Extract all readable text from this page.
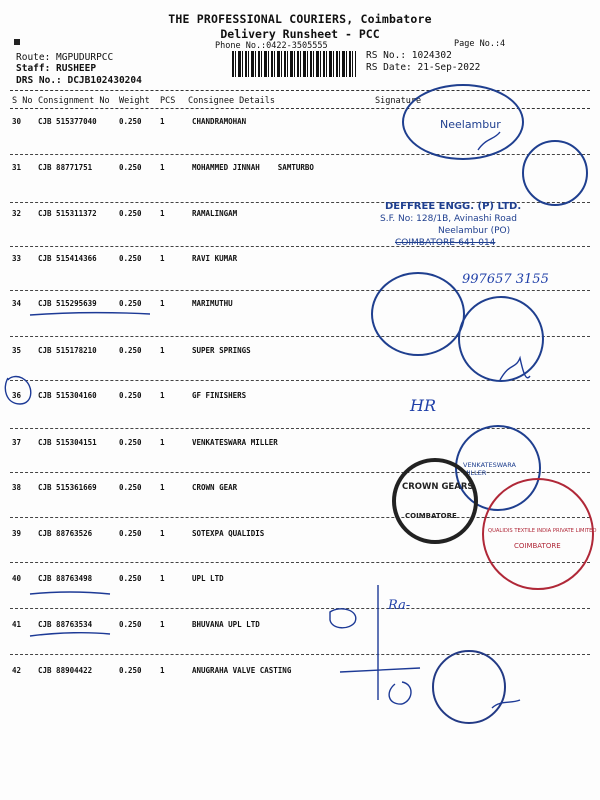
THE PROFESSIONAL COURIERS, Coimbatore
Delivery Runsheet - PCC
Phone No.:0422-3505555	Page No.:4
Route: MGPUDURPCC
Staff: RUSHEEP
DRS No.: DCJB102430204
RS No.: 1024302
RS Date: 21-Sep-2022
S No Consignment No Weight PCS Consignee Details	Signature
30 CJB 515377040	0.250 1	CHANDRAMOHAN
31 CJB 88771751	0.250 1	MOHAMMED JINNAH    SAMTURBO
32 CJB 515311372	0.250 1	RAMALINGAM
33 CJB 515414366	0.250 1	RAVI KUMAR
34 CJB 515295639	0.250 1	MARIMUTHU
35 CJB 515178210	0.250 1	SUPER SPRINGS
36 CJB 515304160	0.250 1	GF FINISHERS
37 CJB 515304151	0.250 1	VENKATESWARA MILLER
38 CJB 515361669	0.250 1	CROWN GEAR
39 CJB 88763526	0.250 1	SOTEXPA QUALIDIS
40 CJB 88763498	0.250 1	UPL LTD
41 CJB 88763534	0.250 1	BHUVANA UPL LTD
42 CJB 88904422	0.250 1	ANUGRAHA VALVE CASTING
Neelambur
DEFFREE ENGG. (P) LTD.
S.F. No: 128/1B, Avinashi Road
Neelambur (PO)
COIMBATORE-641 014
997657 3155
HR
VENKATESWARA MILLER
CROWN GEARS
COIMBATORE
QUALIDIS TEXTILE INDIA PRIVATE LIMITED
COIMBATORE
Ra-
